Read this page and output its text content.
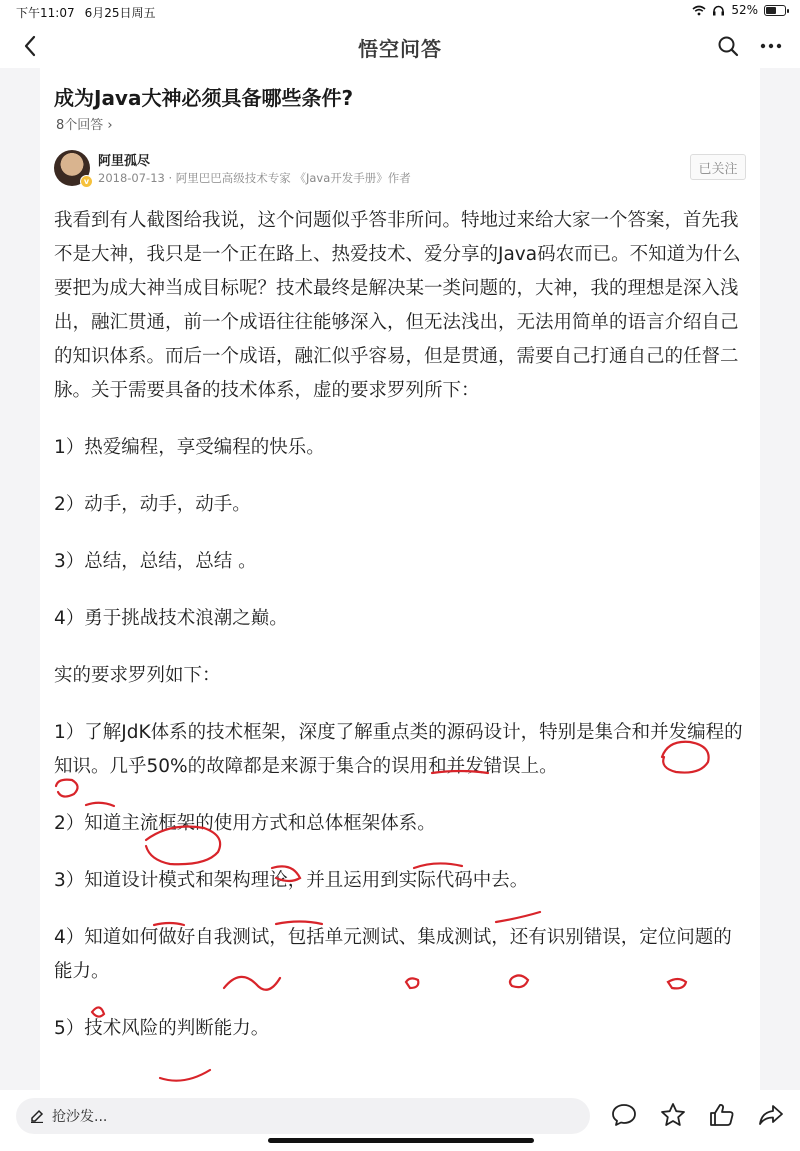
下午11:07 6月25日周五	52%
悟空问答
成为Java大神必须具备哪些条件?
8个回答 ›
v
阿里孤尽
2018-07-13 · 阿里巴巴高级技术专家 《Java开发手册》作者
已关注

我看到有人截图给我说，这个问题似乎答非所问。特地过来给大家一个答案，首先我不是大神，我只是一个正在路上、热爱技术、爱分享的Java码农而已。不知道为什么要把为成大神当成目标呢？技术最终是解决某一类问题的，大神，我的理想是深入浅出，融汇贯通，前一个成语往往能够深入，但无法浅出，无法用简单的语言介绍自己的知识体系。而后一个成语，融汇似乎容易，但是贯通，需要自己打通自己的任督二脉。关于需要具备的技术体系，虚的要求罗列所下：

1）热爱编程，享受编程的快乐。

2）动手，动手，动手。

3）总结，总结，总结 。

4）勇于挑战技术浪潮之巅。

实的要求罗列如下：

1）了解JdK体系的技术框架，深度了解重点类的源码设计，特别是集合和并发编程的知识。几乎50%的故障都是来源于集合的误用和并发错误上。

2）知道主流框架的使用方式和总体框架体系。

3）知道设计模式和架构理论，并且运用到实际代码中去。

4）知道如何做好自我测试，包括单元测试、集成测试，还有识别错误，定位问题的能力。

5）技术风险的判断能力。

抢沙发...
